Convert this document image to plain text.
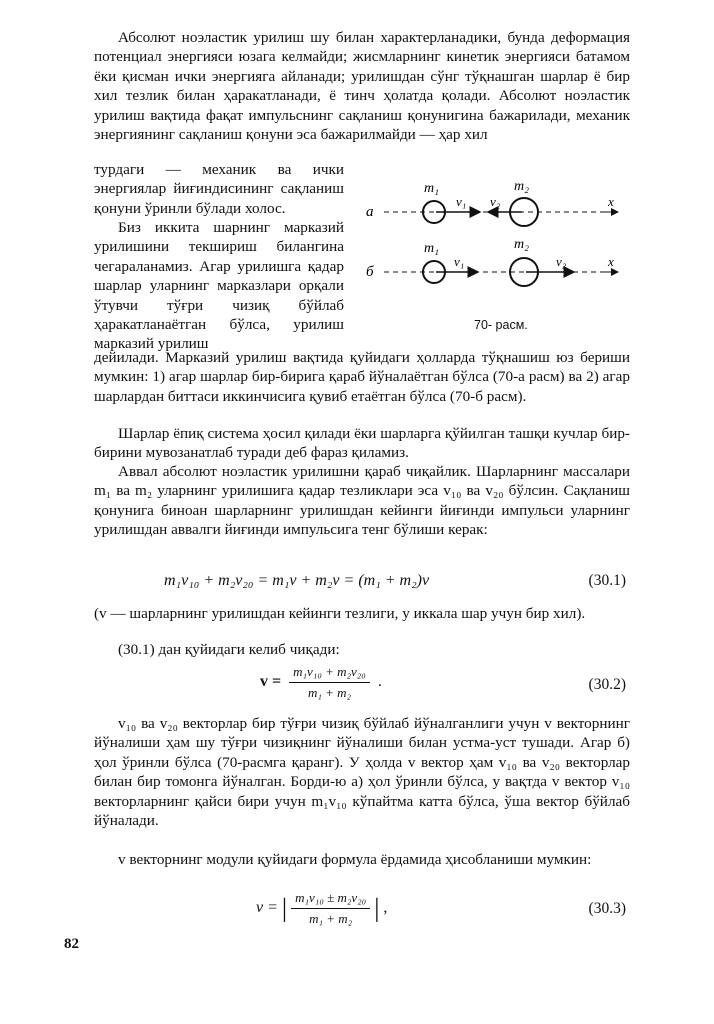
Абсолют ноэластик урилиш шу билан характерланадики, бунда деформация потенциал энергияси юзага келмайди; жисмларнинг кинетик энергияси батамом ёки қисман ички энергияга айланади; урилишдан сўнг тўқнашган шарлар ё бир хил тезлик билан ҳаракатланади, ё тинч ҳолатда қолади. Абсолют ноэластик урилиш вақтида фақат импульснинг сақланиш қонунигина бажарилади, механик энергиянинг сақланиш қонуни эса бажарилмайди — ҳар хил

турдаги — механик ва ички энергиялар йиғиндисининг сақланиш қонуни ўринли бўлади холос.

Биз иккита шарнинг марказий урилишини текшириш билангина чегараланамиз. Агар урилишга қадар шарлар уларнинг марказлари орқали ўтувчи тўғри чизиқ бўйлаб ҳаракатланаётган бўлса, урилиш марказий урилиш

а
m₁	m₂
v₁ v₂	x
б
m₁	m₂
v₁	v₂	x
70- расм.

дейилади. Марказий урилиш вақтида қуйидаги ҳолларда тўқнашиш юз бериши мумкин: 1) агар шарлар бир-бирига қараб йўналаётган бўлса (70-а расм) ва 2) агар шарлардан биттаси иккинчисига қувиб етаётган бўлса (70-б расм).

Шарлар ёпиқ система ҳосил қилади ёки шарларга қўйилган ташқи кучлар бир-бирини мувозанатлаб туради деб фараз қиламиз.

Аввал абсолют ноэластик урилишни қараб чиқайлик. Шарларнинг массалари m₁ ва m₂ уларнинг урилишига қадар тезликлари эса v₁₀ ва v₂₀ бўлсин. Сақланиш қонунига биноан шарларнинг урилишдан кейинги йиғинди импульси уларнинг урилишдан аввалги йиғинди импульсига тенг бўлиши керак:

m₁v₁₀ + m₂v₂₀ = m₁v + m₂v = (m₁ + m₂)v	(30.1)

(v — шарларнинг урилишдан кейинги тезлиги, у иккала шар учун бир хил).

(30.1) дан қуйидаги келиб чиқади:

$v = \frac{\text{m₁v₁₀ + m₂v₂₀}}{\text{m₁ + m₂}}$ .	(30.2)

v₁₀ ва v₂₀ векторлар бир тўғри чизиқ бўйлаб йўналганлиги учун v векторнинг йўналиши ҳам шу тўғри чизиқнинг йўналиши билан устма-уст тушади. Агар б) ҳол ўринли бўлса (70-расмга қаранг). У ҳолда v вектор ҳам v₁₀ ва v₂₀ векторлар билан бир томонга йўналган. Борди-ю а) ҳол ўринли бўлса, у вақтда v вектор v₁₀ векторларнинг қайси бири учун m₁v₁₀ кўпайтма катта бўлса, ўша вектор бўйлаб йўналади.

v векторнинг модули қуйидаги формула ёрдамида ҳисобланиши мумкин:

v = | $\frac{\text{m₁v₁₀ ± m₂v₂₀}}{\text{m₁ + m₂}}$ | ,	(30.3)
82
